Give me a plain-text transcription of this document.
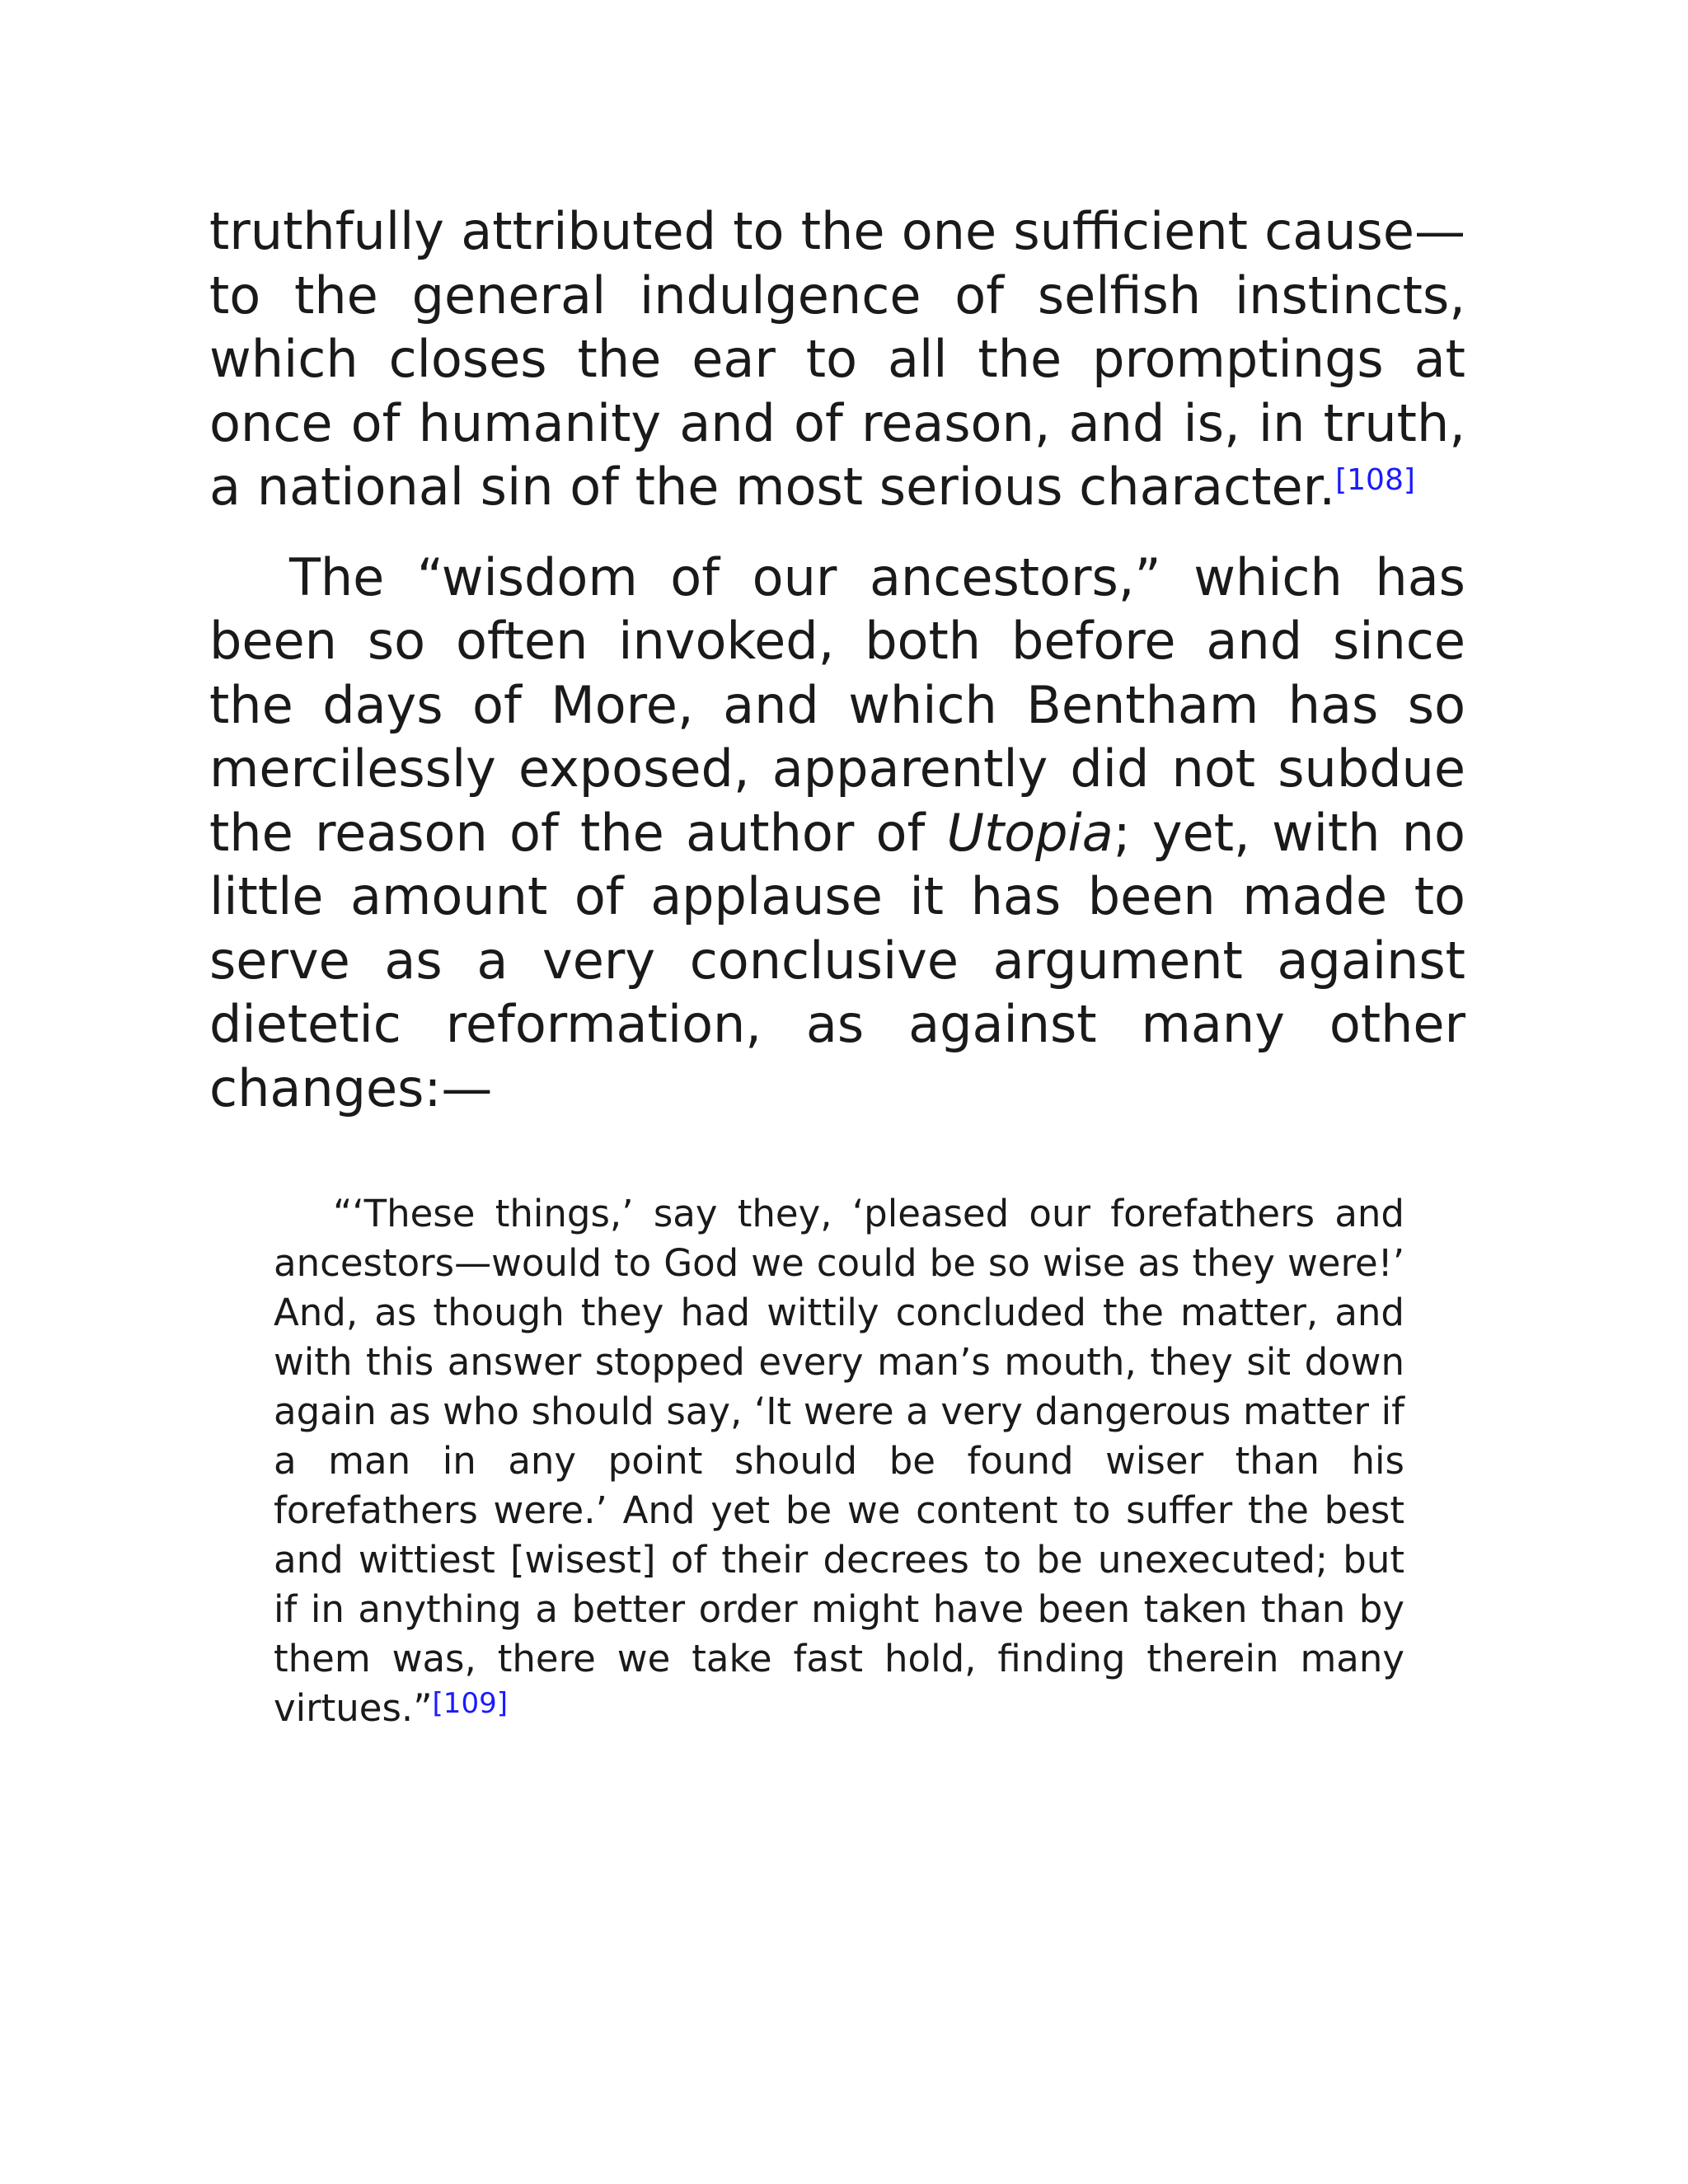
truthfully attributed to the one sufficient cause—to the general indulgence of selfish instincts, which closes the ear to all the promptings at once of humanity and of reason, and is, in truth, a national sin of the most serious character.[108]

The “wisdom of our ancestors,” which has been so often invoked, both before and since the days of More, and which Bentham has so mercilessly exposed, apparently did not subdue the reason of the author of Utopia; yet, with no little amount of applause it has been made to serve as a very conclusive argument against dietetic reformation, as against many other changes:—

“‘These things,’ say they, ‘pleased our forefathers and ancestors—would to God we could be so wise as they were!’ And, as though they had wittily concluded the matter, and with this answer stopped every man’s mouth, they sit down again as who should say, ‘It were a very dangerous matter if a man in any point should be found wiser than his forefathers were.’ And yet be we content to suffer the best and wittiest [wisest] of their decrees to be unexecuted; but if in anything a better order might have been taken than by them was, there we take fast hold, finding therein many virtues.”[109]
